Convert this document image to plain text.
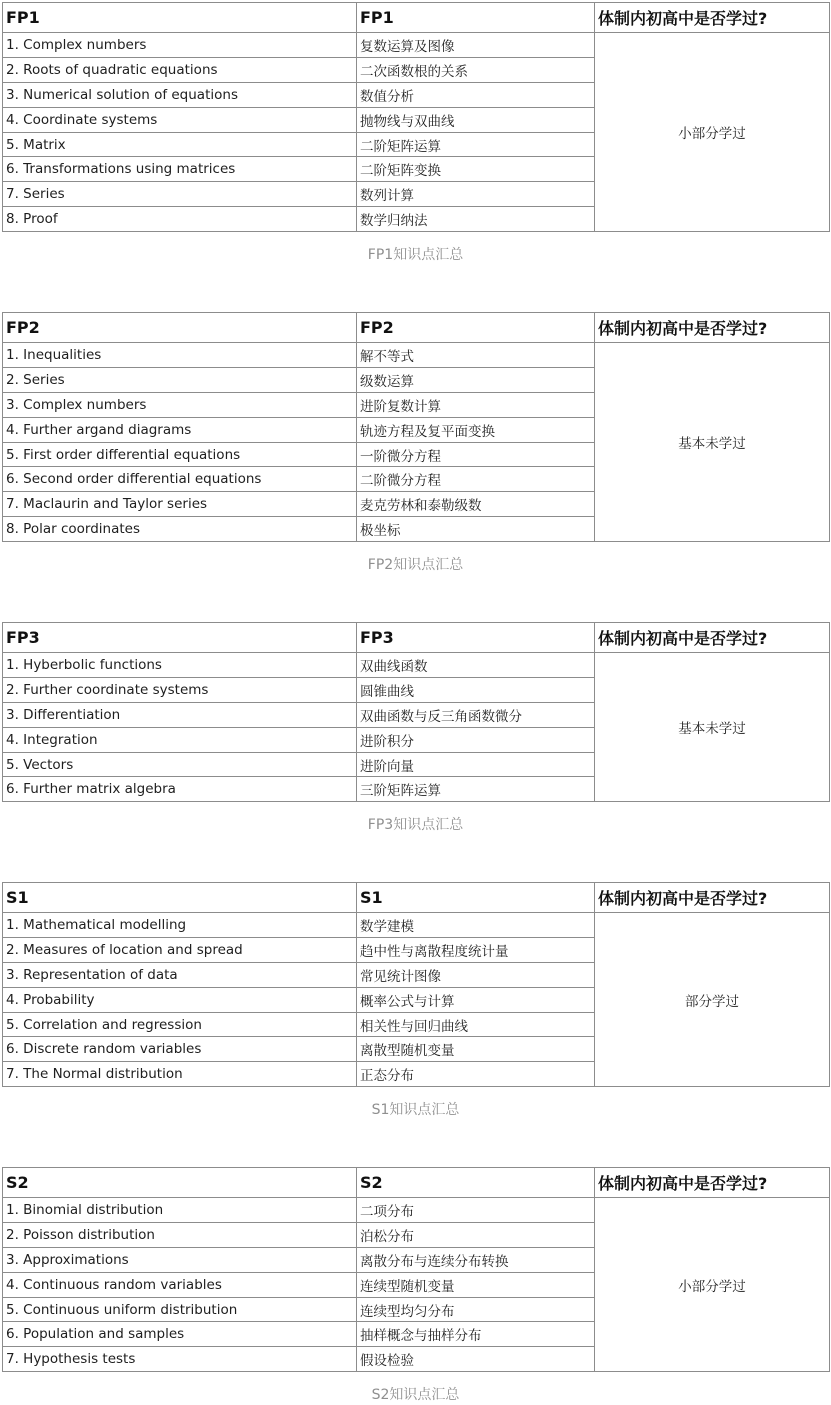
FP1	FP1	体制内初高中是否学过?
1. Complex numbers	复数运算及图像	小部分学过
2. Roots of quadratic equations	二次函数根的关系	
3. Numerical solution of equations	数值分析	
4. Coordinate systems	抛物线与双曲线	
5. Matrix	二阶矩阵运算	
6. Transformations using matrices	二阶矩阵变换	
7. Series	数列计算	
8. Proof	数学归纳法	
FP1知识点汇总
FP2	FP2	体制内初高中是否学过?
1. Inequalities	解不等式	基本未学过
2. Series	级数运算	
3. Complex numbers	进阶复数计算	
4. Further argand diagrams	轨迹方程及复平面变换	
5. First order differential equations	一阶微分方程	
6. Second order differential equations	二阶微分方程	
7. Maclaurin and Taylor series	麦克劳林和泰勒级数	
8. Polar coordinates	极坐标	
FP2知识点汇总
FP3	FP3	体制内初高中是否学过?
1. Hyberbolic functions	双曲线函数	基本未学过
2. Further coordinate systems	圆锥曲线	
3. Differentiation	双曲函数与反三角函数微分	
4. Integration	进阶积分	
5. Vectors	进阶向量	
6. Further matrix algebra	三阶矩阵运算	
FP3知识点汇总
S1	S1	体制内初高中是否学过?
1. Mathematical modelling	数学建模	部分学过
2. Measures of location and spread	趋中性与离散程度统计量	
3. Representation of data	常见统计图像	
4. Probability	概率公式与计算	
5. Correlation and regression	相关性与回归曲线	
6. Discrete random variables	离散型随机变量	
7. The Normal distribution	正态分布	
S1知识点汇总
S2	S2	体制内初高中是否学过?
1. Binomial distribution	二项分布	小部分学过
2. Poisson distribution	泊松分布	
3. Approximations	离散分布与连续分布转换	
4. Continuous random variables	连续型随机变量	
5. Continuous uniform distribution	连续型均匀分布	
6. Population and samples	抽样概念与抽样分布	
7. Hypothesis tests	假设检验	
S2知识点汇总
